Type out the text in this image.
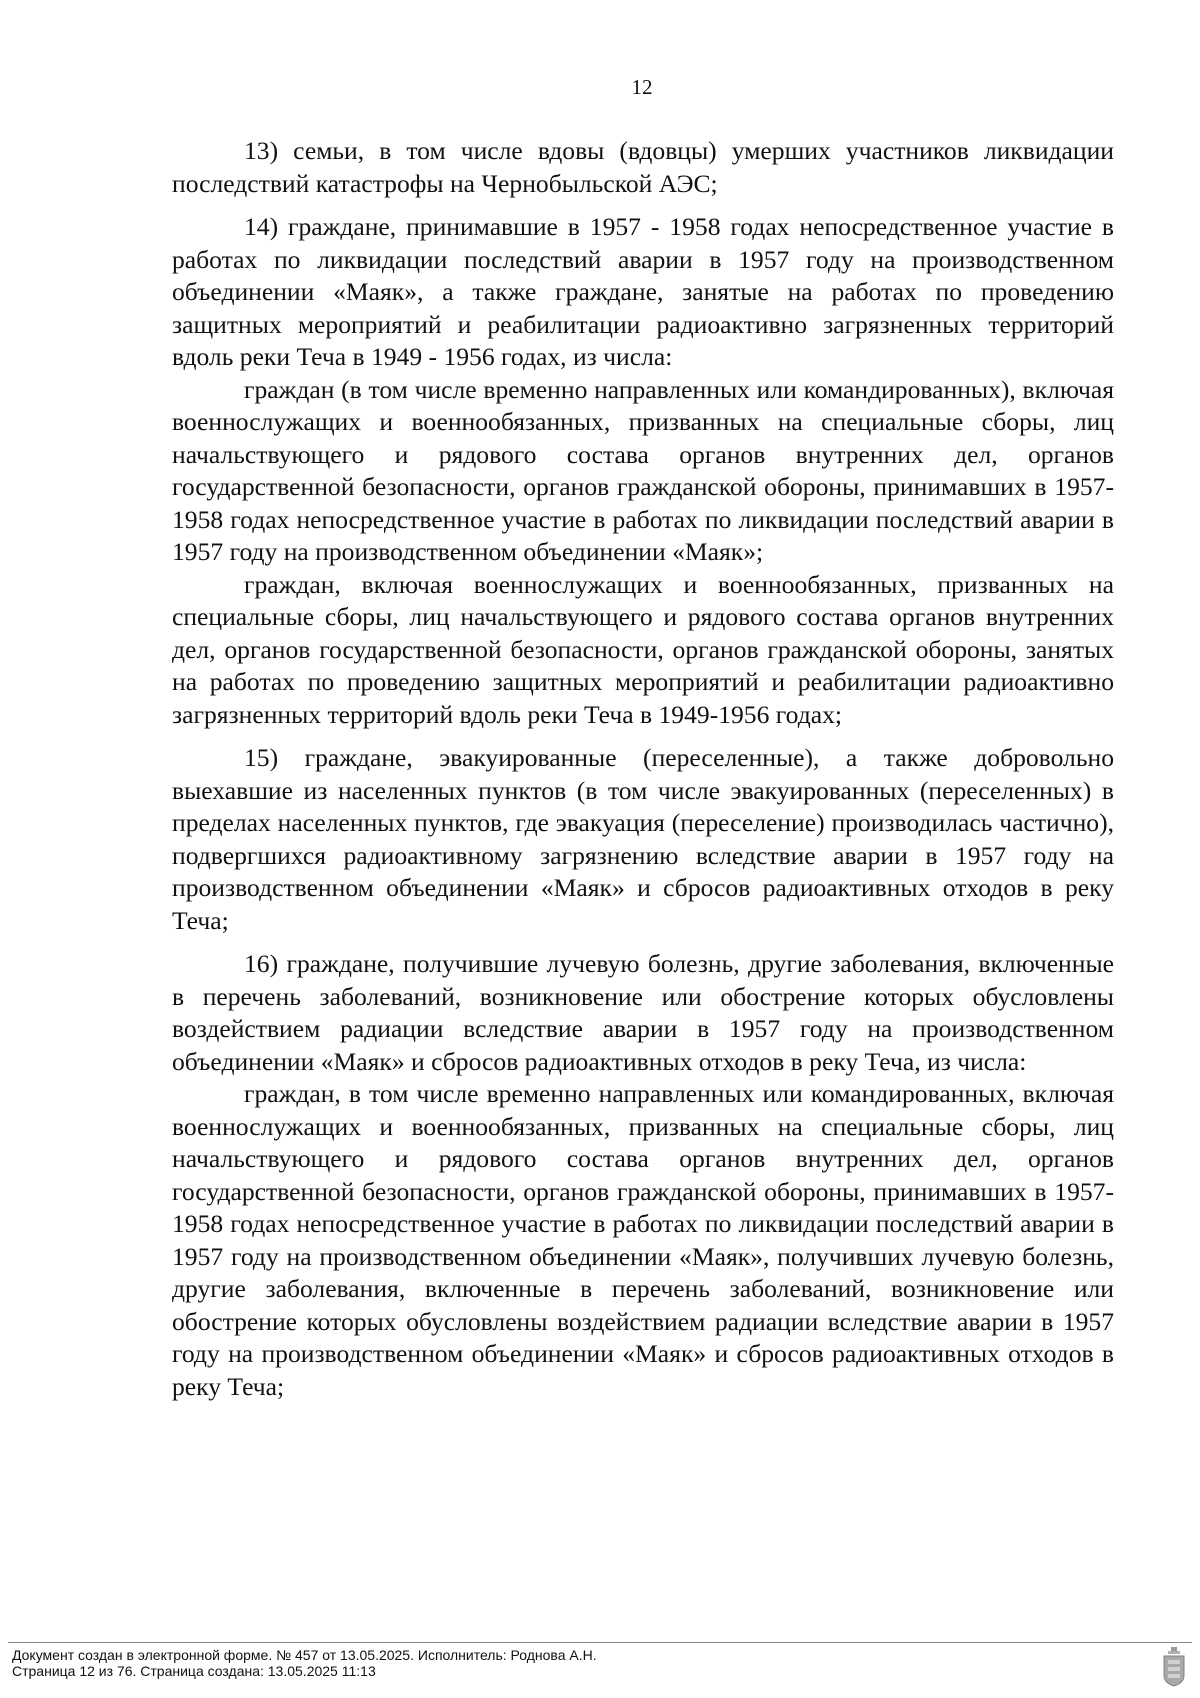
12

13) семьи, в том числе вдовы (вдовцы) умерших участников ликвидации последствий катастрофы на Чернобыльской АЭС;

14) граждане, принимавшие в 1957 - 1958 годах непосредственное участие в работах по ликвидации последствий аварии в 1957 году на производственном объединении «Маяк», а также граждане, занятые на работах по проведению защитных мероприятий и реабилитации радиоактивно загрязненных территорий вдоль реки Теча в 1949 - 1956 годах, из числа:

граждан (в том числе временно направленных или командированных), включая военнослужащих и военнообязанных, призванных на специальные сборы, лиц начальствующего и рядового состава органов внутренних дел, органов государственной безопасности, органов гражданской обороны, принимавших в 1957-1958 годах непосредственное участие в работах по ликвидации последствий аварии в 1957 году на производственном объединении «Маяк»;

граждан, включая военнослужащих и военнообязанных, призванных на специальные сборы, лиц начальствующего и рядового состава органов внутренних дел, органов государственной безопасности, органов гражданской обороны, занятых на работах по проведению защитных мероприятий и реабилитации радиоактивно загрязненных территорий вдоль реки Теча в 1949-1956 годах;

15) граждане, эвакуированные (переселенные), а также добровольно выехавшие из населенных пунктов (в том числе эвакуированных (переселенных) в пределах населенных пунктов, где эвакуация (переселение) производилась частично), подвергшихся радиоактивному загрязнению вследствие аварии в 1957 году на производственном объединении «Маяк» и сбросов радиоактивных отходов в реку Теча;

16) граждане, получившие лучевую болезнь, другие заболевания, включенные в перечень заболеваний, возникновение или обострение которых обусловлены воздействием радиации вследствие аварии в 1957 году на производственном объединении «Маяк» и сбросов радиоактивных отходов в реку Теча, из числа:

граждан, в том числе временно направленных или командированных, включая военнослужащих и военнообязанных, призванных на специальные сборы, лиц начальствующего и рядового состава органов внутренних дел, органов государственной безопасности, органов гражданской обороны, принимавших в 1957-1958 годах непосредственное участие в работах по ликвидации последствий аварии в 1957 году на производственном объединении «Маяк», получивших лучевую болезнь, другие заболевания, включенные в перечень заболеваний, возникновение или обострение которых обусловлены воздействием радиации вследствие аварии в 1957 году на производственном объединении «Маяк» и сбросов радиоактивных отходов в реку Теча;

Документ создан в электронной форме. № 457 от 13.05.2025. Исполнитель: Роднова А.Н.
Страница 12 из 76. Страница создана: 13.05.2025 11:13
